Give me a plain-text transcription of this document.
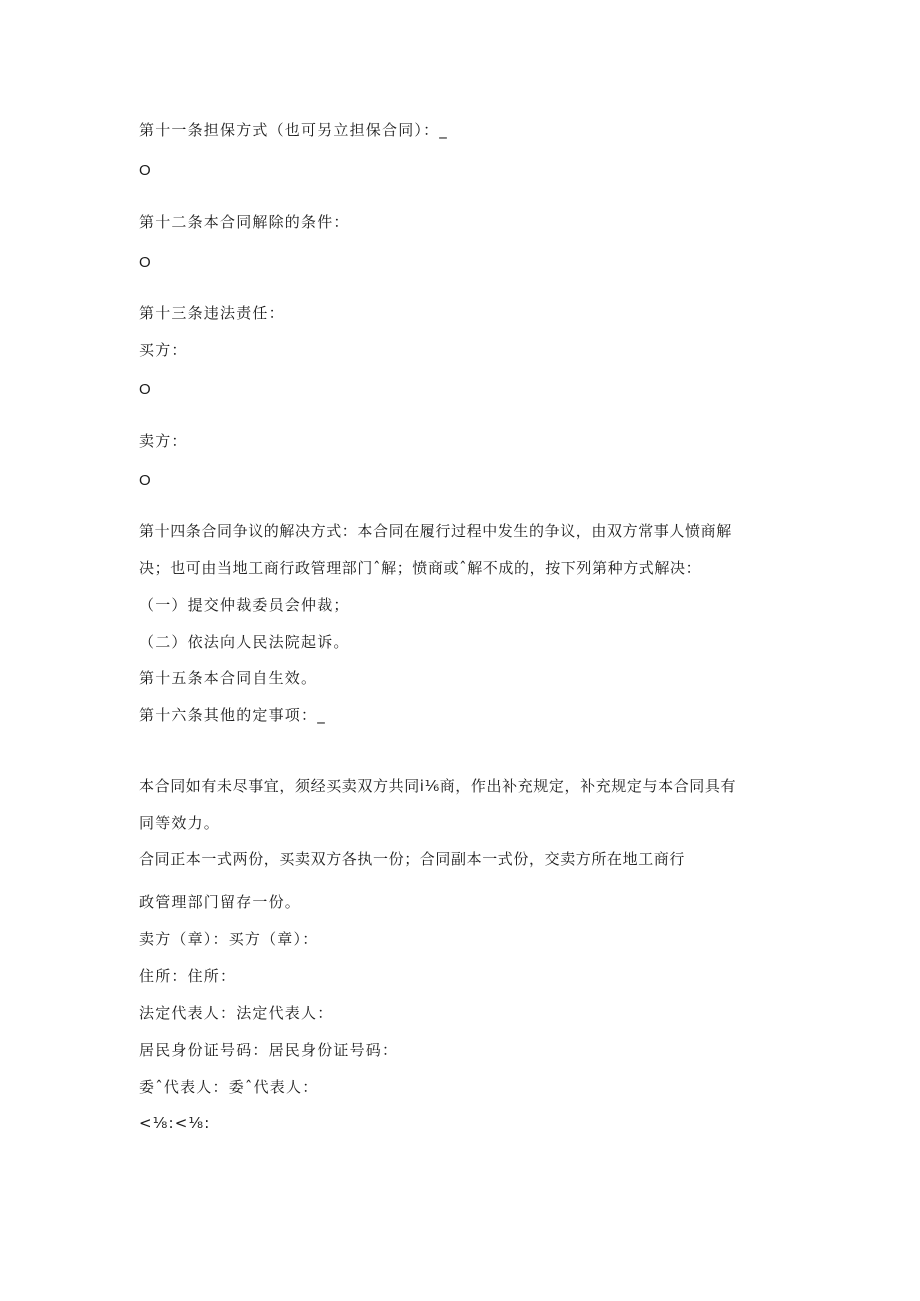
第十一条担保方式（也可另立担保合同）：_
O
第十二条本合同解除的条件：
O
第十三条违法责任：
买方：
O
卖方：
O
第十四条合同争议的解决方式：本合同在履行过程中发生的争议，由双方常事人愤商解
决；也可由当地工商行政管理部门ˆ解；愤商或ˆ解不成的，按下列第种方式解决：
（一）提交仲裁委员会仲裁；
（二）依法向人民法院起诉。
第十五条本合同自生效。
第十六条其他的定事项：_
本合同如有未尽事宜，须经买卖双方共同i⅙商，作出补充规定，补充规定与本合同具有
同等效力。
合同正本一式两份，买卖双方各执一份；合同副本一式份，交卖方所在地工商行
政管理部门留存一份。
卖方（章）：买方（章）：
住所：住所：
法定代表人：法定代表人：
居民身份证号码：居民身份证号码：
委ˆ代表人：委ˆ代表人：
<⅛:<⅛:
